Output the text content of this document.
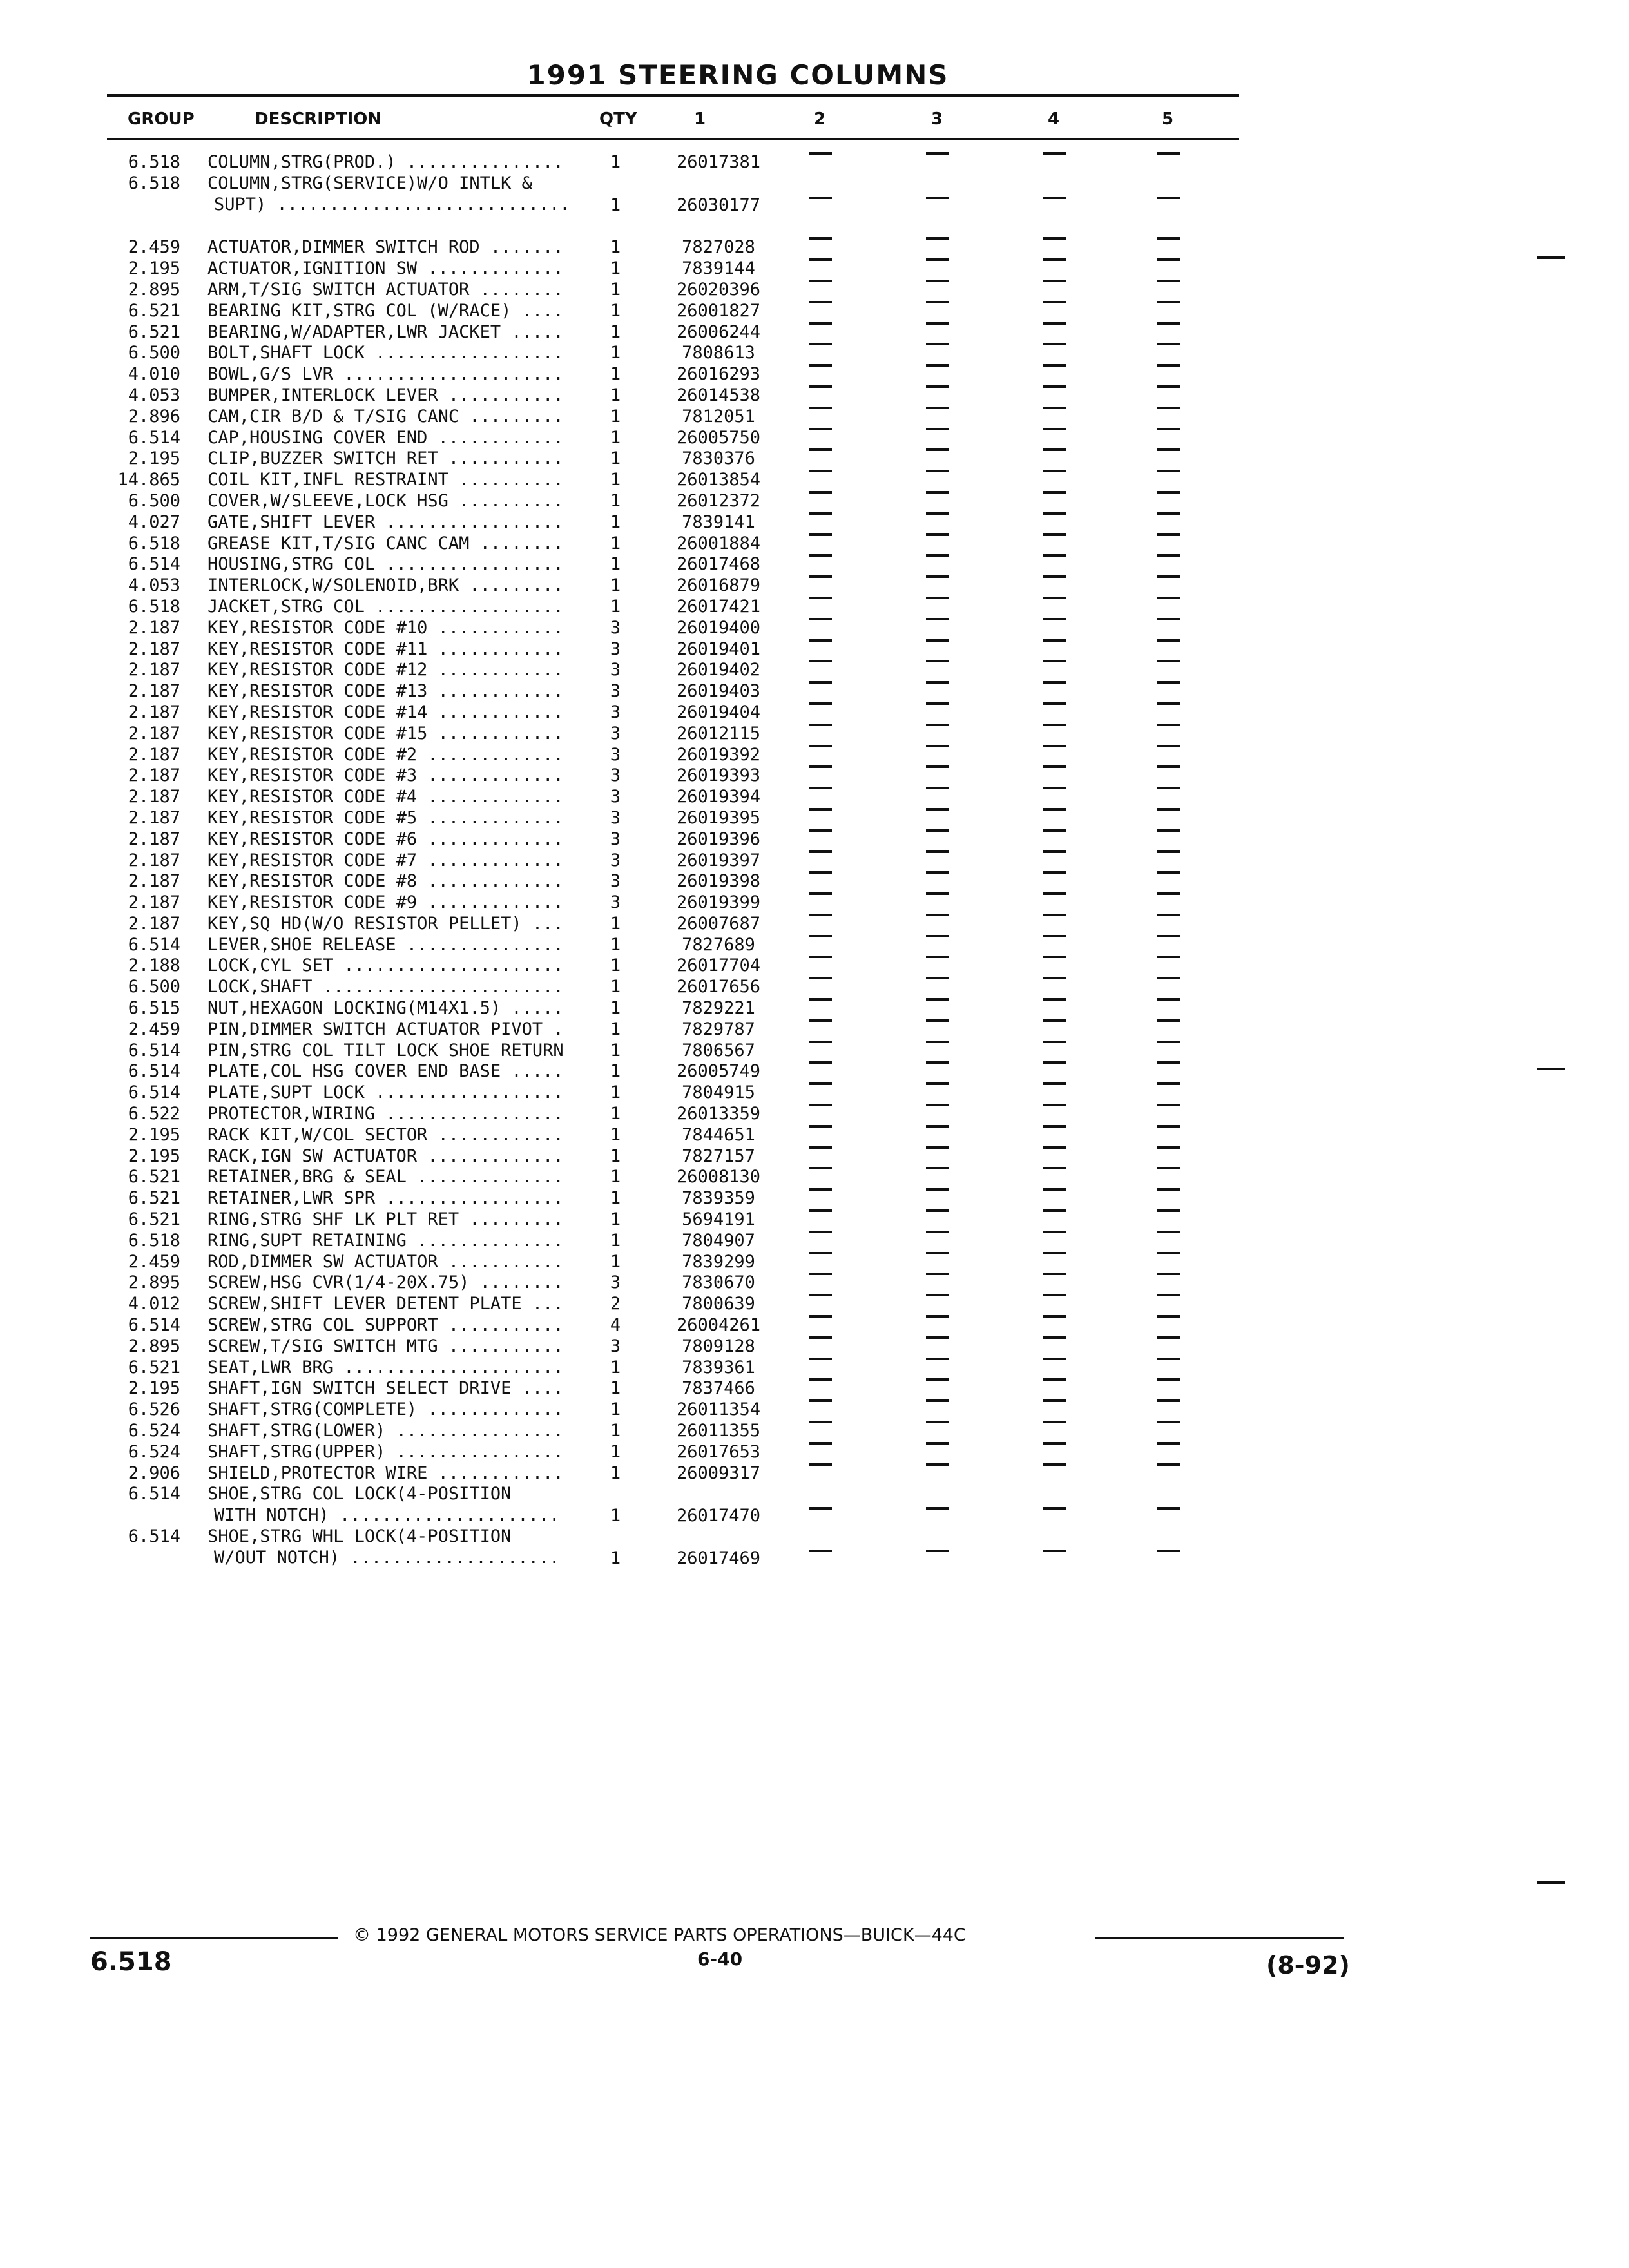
1991 STEERING COLUMNS
GROUP	DESCRIPTION	QTY	1	2	3	4	5
6.518 COLUMN,STRG(PROD.) ...............	1	26017381
6.518 COLUMN,STRG(SERVICE)W/O INTLK &
SUPT) ............................	1	26030177
2.459 ACTUATOR,DIMMER SWITCH ROD .......	1	7827028
2.195 ACTUATOR,IGNITION SW .............	1	7839144
2.895 ARM,T/SIG SWITCH ACTUATOR ........	1	26020396
6.521 BEARING KIT,STRG COL (W/RACE) ....	1	26001827
6.521 BEARING,W/ADAPTER,LWR JACKET .....	1	26006244
6.500 BOLT,SHAFT LOCK ..................	1	7808613
4.010 BOWL,G/S LVR .....................	1	26016293
4.053 BUMPER,INTERLOCK LEVER ...........	1	26014538
2.896 CAM,CIR B/D & T/SIG CANC .........	1	7812051
6.514 CAP,HOUSING COVER END ............	1	26005750
2.195 CLIP,BUZZER SWITCH RET ...........	1	7830376
14.865 COIL KIT,INFL RESTRAINT ..........	1	26013854
6.500 COVER,W/SLEEVE,LOCK HSG ..........	1	26012372
4.027 GATE,SHIFT LEVER .................	1	7839141
6.518 GREASE KIT,T/SIG CANC CAM ........	1	26001884
6.514 HOUSING,STRG COL .................	1	26017468
4.053 INTERLOCK,W/SOLENOID,BRK .........	1	26016879
6.518 JACKET,STRG COL ..................	1	26017421
2.187 KEY,RESISTOR CODE #10 ............	3	26019400
2.187 KEY,RESISTOR CODE #11 ............	3	26019401
2.187 KEY,RESISTOR CODE #12 ............	3	26019402
2.187 KEY,RESISTOR CODE #13 ............	3	26019403
2.187 KEY,RESISTOR CODE #14 ............	3	26019404
2.187 KEY,RESISTOR CODE #15 ............	3	26012115
2.187 KEY,RESISTOR CODE #2 .............	3	26019392
2.187 KEY,RESISTOR CODE #3 .............	3	26019393
2.187 KEY,RESISTOR CODE #4 .............	3	26019394
2.187 KEY,RESISTOR CODE #5 .............	3	26019395
2.187 KEY,RESISTOR CODE #6 .............	3	26019396
2.187 KEY,RESISTOR CODE #7 .............	3	26019397
2.187 KEY,RESISTOR CODE #8 .............	3	26019398
2.187 KEY,RESISTOR CODE #9 .............	3	26019399
2.187 KEY,SQ HD(W/O RESISTOR PELLET) ...	1	26007687
6.514 LEVER,SHOE RELEASE ...............	1	7827689
2.188 LOCK,CYL SET .....................	1	26017704
6.500 LOCK,SHAFT .......................	1	26017656
6.515 NUT,HEXAGON LOCKING(M14X1.5) .....	1	7829221
2.459 PIN,DIMMER SWITCH ACTUATOR PIVOT .	1	7829787
6.514 PIN,STRG COL TILT LOCK SHOE RETURN	1	7806567
6.514 PLATE,COL HSG COVER END BASE .....	1	26005749
6.514 PLATE,SUPT LOCK ..................	1	7804915
6.522 PROTECTOR,WIRING .................	1	26013359
2.195 RACK KIT,W/COL SECTOR ............	1	7844651
2.195 RACK,IGN SW ACTUATOR .............	1	7827157
6.521 RETAINER,BRG & SEAL ..............	1	26008130
6.521 RETAINER,LWR SPR .................	1	7839359
6.521 RING,STRG SHF LK PLT RET .........	1	5694191
6.518 RING,SUPT RETAINING ..............	1	7804907
2.459 ROD,DIMMER SW ACTUATOR ...........	1	7839299
2.895 SCREW,HSG CVR(1/4-20X.75) ........	3	7830670
4.012 SCREW,SHIFT LEVER DETENT PLATE ...	2	7800639
6.514 SCREW,STRG COL SUPPORT ...........	4	26004261
2.895 SCREW,T/SIG SWITCH MTG ...........	3	7809128
6.521 SEAT,LWR BRG .....................	1	7839361
2.195 SHAFT,IGN SWITCH SELECT DRIVE ....	1	7837466
6.526 SHAFT,STRG(COMPLETE) .............	1	26011354
6.524 SHAFT,STRG(LOWER) ................	1	26011355
6.524 SHAFT,STRG(UPPER) ................	1	26017653
2.906 SHIELD,PROTECTOR WIRE ............	1	26009317
6.514 SHOE,STRG COL LOCK(4-POSITION
WITH NOTCH) .....................	1	26017470
6.514 SHOE,STRG WHL LOCK(4-POSITION
W/OUT NOTCH) ....................	1	26017469
© 1992 GENERAL MOTORS SERVICE PARTS OPERATIONS—BUICK—44C
6.518	6-40	(8-92)
